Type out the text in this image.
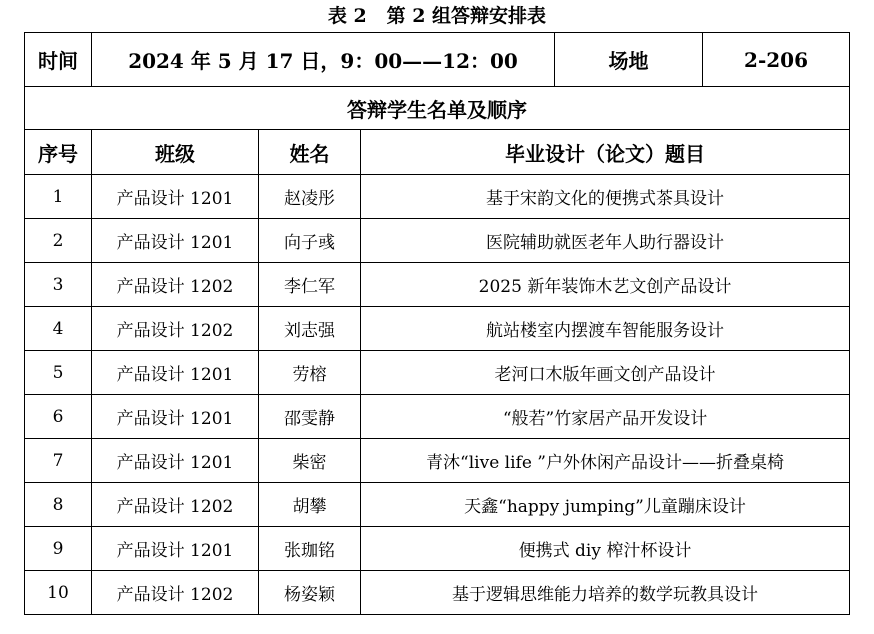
表 2   第 2 组答辩安排表
时间	2024 年 5 月 17 日，9：00——12：00			场地	2-206
答辩学生名单及顺序					
序号	班级	姓名	毕业设计（论文）题目		
1	产品设计 1201	赵凌彤	基于宋韵文化的便携式茶具设计		
2	产品设计 1201	向子彧	医院辅助就医老年人助行器设计		
3	产品设计 1202	李仁军	2025 新年装饰木艺文创产品设计		
4	产品设计 1202	刘志强	航站楼室内摆渡车智能服务设计		
5	产品设计 1201	劳榕	老河口木版年画文创产品设计		
6	产品设计 1201	邵雯静	“般若”竹家居产品开发设计		
7	产品设计 1201	柴密	青沐“live life ”户外休闲产品设计——折叠桌椅		
8	产品设计 1202	胡攀	天鑫“happy jumping”儿童蹦床设计		
9	产品设计 1201	张珈铭	便携式 diy 榨汁杯设计		
10	产品设计 1202	杨姿颖	基于逻辑思维能力培养的数学玩教具设计		
